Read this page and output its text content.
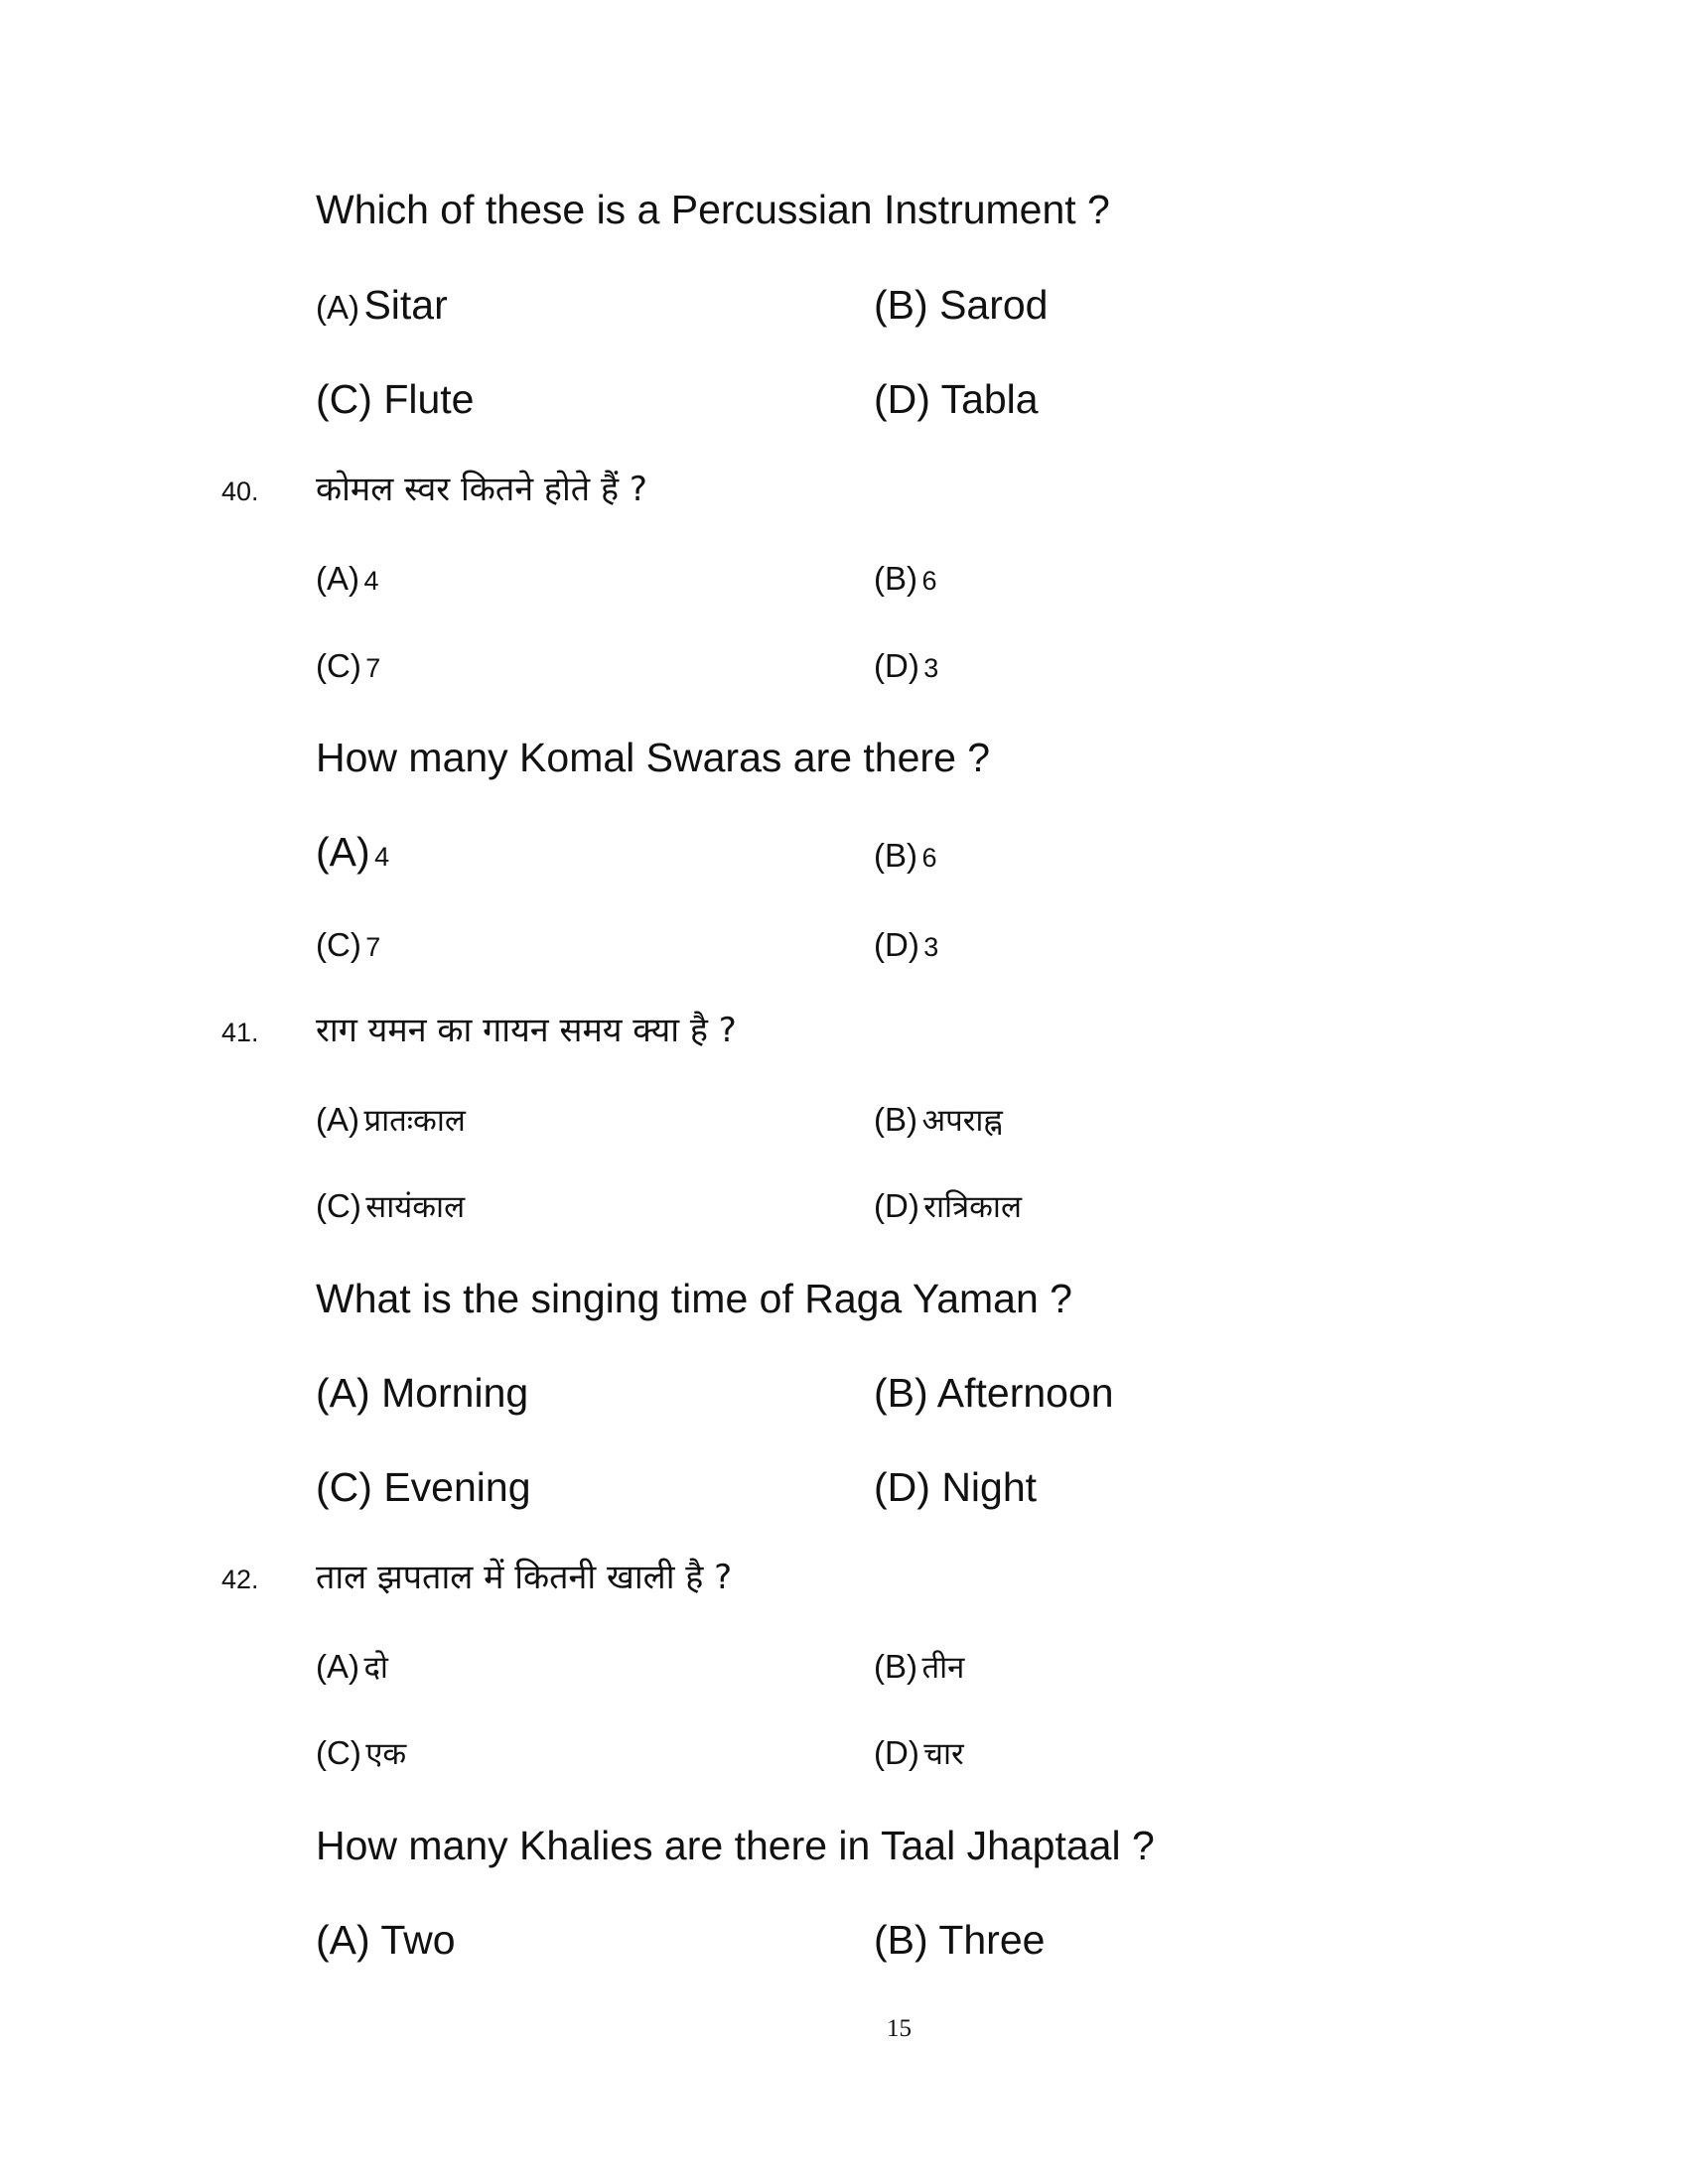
Which of these is a Percussian Instrument ?
(A) Sitar	(B) Sarod
(C) Flute	(D) Tabla
40. कोमल स्वर कितने होते हैं ?
(A) 4	(B) 6
(C) 7	(D) 3
How many Komal Swaras are there ?
(A) 4	(B) 6
(C) 7	(D) 3
41. राग यमन का गायन समय क्या है ?
(A) प्रातःकाल	(B) अपराह्न
(C) सायंकाल	(D) रात्रिकाल
What is the singing time of Raga Yaman ?
(A) Morning	(B) Afternoon
(C) Evening	(D) Night
42. ताल झपताल में कितनी खाली है ?
(A) दो	(B) तीन
(C) एक	(D) चार
How many Khalies are there in Taal Jhaptaal ?
(A) Two	(B) Three
15
